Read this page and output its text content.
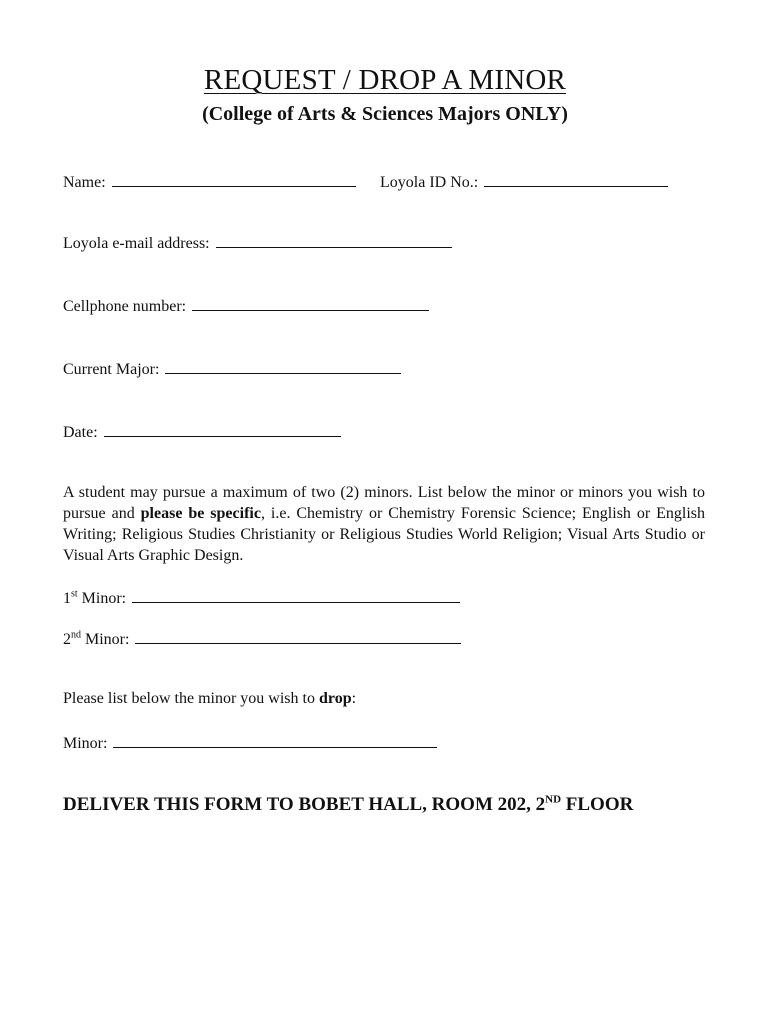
REQUEST / DROP A MINOR
(College of Arts & Sciences Majors ONLY)
Name:	Loyola ID No.:
Loyola e-mail address:
Cellphone number:
Current Major:
Date:
A student may pursue a maximum of two (2) minors. List below the minor or minors you wish to pursue and please be specific, i.e. Chemistry or Chemistry Forensic Science; English or English Writing; Religious Studies Christianity or Religious Studies World Religion; Visual Arts Studio or Visual Arts Graphic Design.
1st Minor:
2nd Minor:
Please list below the minor you wish to drop:
Minor:
DELIVER THIS FORM TO BOBET HALL, ROOM 202, 2ND FLOOR
